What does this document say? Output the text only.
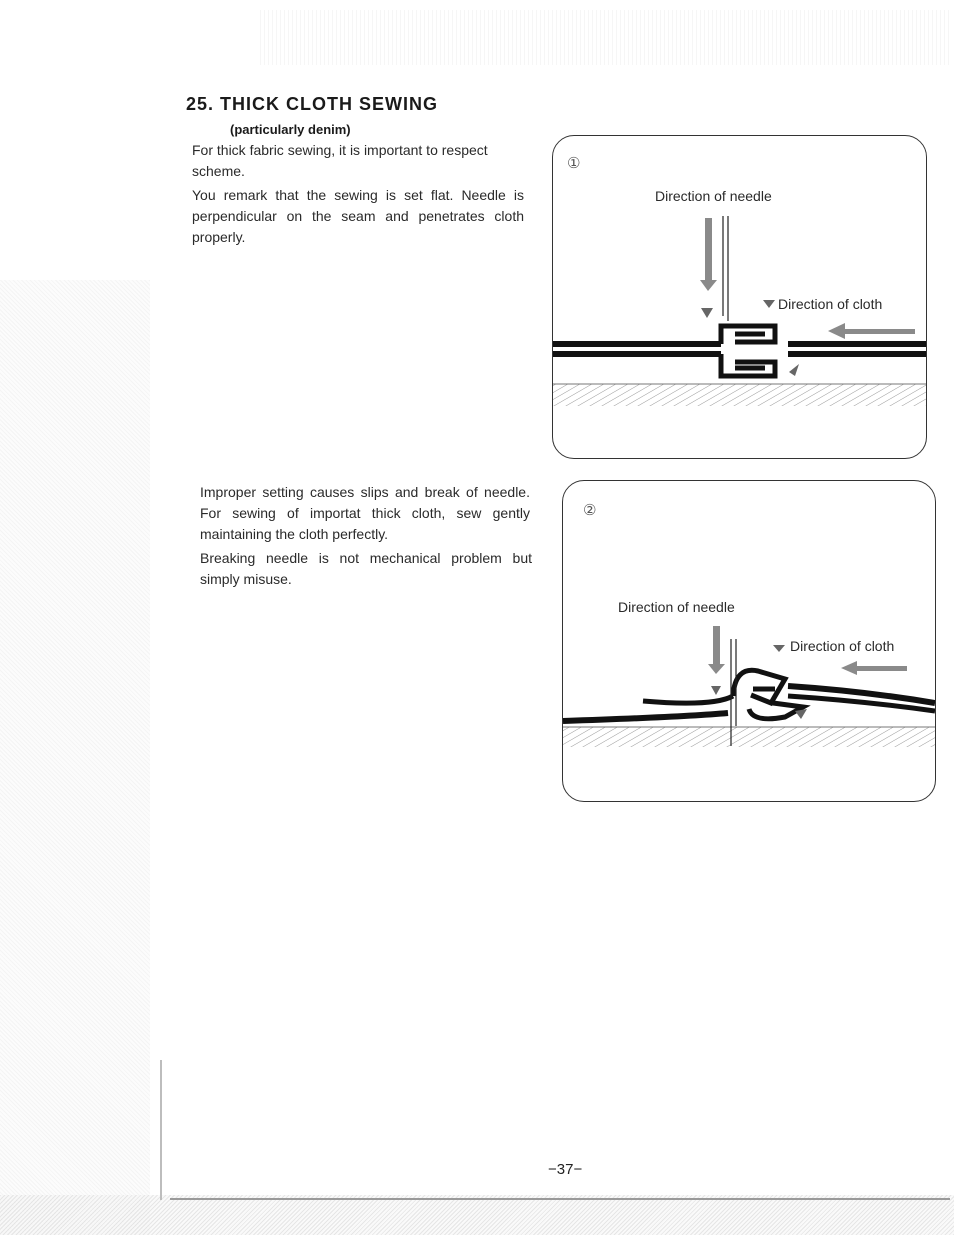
25. THICK CLOTH SEWING
(particularly denim)

For thick fabric sewing, it is important to respect scheme.

You remark that the sewing is set flat. Needle is perpendicular on the seam and penetrates cloth properly.

Improper setting causes slips and break of needle. For sewing of importat thick cloth, sew gently maintaining the cloth perfectly.

Breaking needle is not mechanical problem but simply misuse.

①
Direction of needle
Direction of cloth
②
Direction of needle
Direction of cloth
−37−
